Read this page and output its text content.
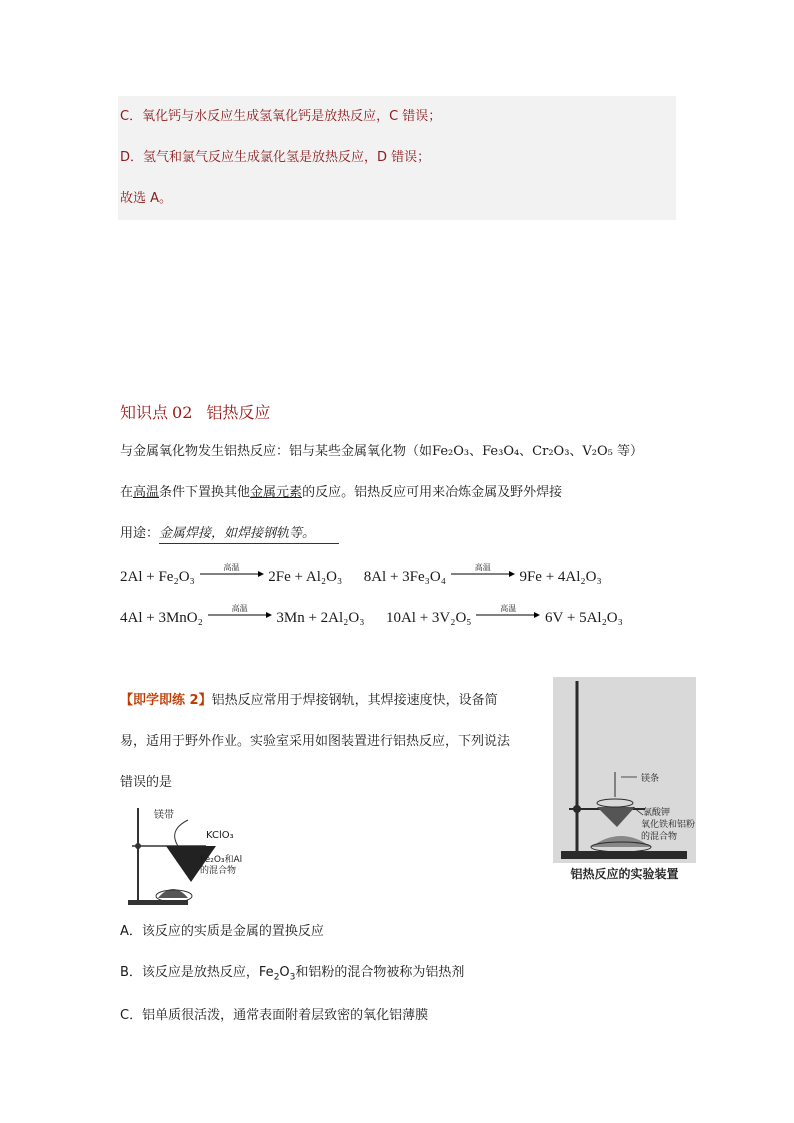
C．氧化钙与水反应生成氢氧化钙是放热反应，C 错误；
D．氢气和氯气反应生成氯化氢是放热反应，D 错误；
故选 A。
知识点 02 铝热反应
与金属氧化物发生铝热反应：铝与某些金属氧化物（如Fe₂O₃、Fe₃O₄、Cr₂O₃、V₂O₅ 等）
在高温条件下置换其他金属元素的反应。铝热反应可用来冶炼金属及野外焊接
用途：金属焊接，如焊接钢轨等。
2Al + Fe₂O₃
高温
2Fe + Al₂O₃ 8Al + 3Fe₃O₄
高温
9Fe + 4Al₂O₃
4Al + 3MnO₂
高温
3Mn + 2Al₂O₃ 10Al + 3V₂O₅
高温
6V + 5Al₂O₃
【即学即练 2】铝热反应常用于焊接钢轨，其焊接速度快，设备简
易，适用于野外作业。实验室采用如图装置进行铝热反应，下列说法
错误的是
镁带
KClO₃
Fe₂O₃和Al
的混合物
镁条
氯酸钾
氧化铁和铝粉
的混合物
铝热反应的实验装置
A．该反应的实质是金属的置换反应
B．该反应是放热反应，$Fe_2O_3$和铝粉的混合物被称为铝热剂
C．铝单质很活泼，通常表面附着层致密的氧化铝薄膜
